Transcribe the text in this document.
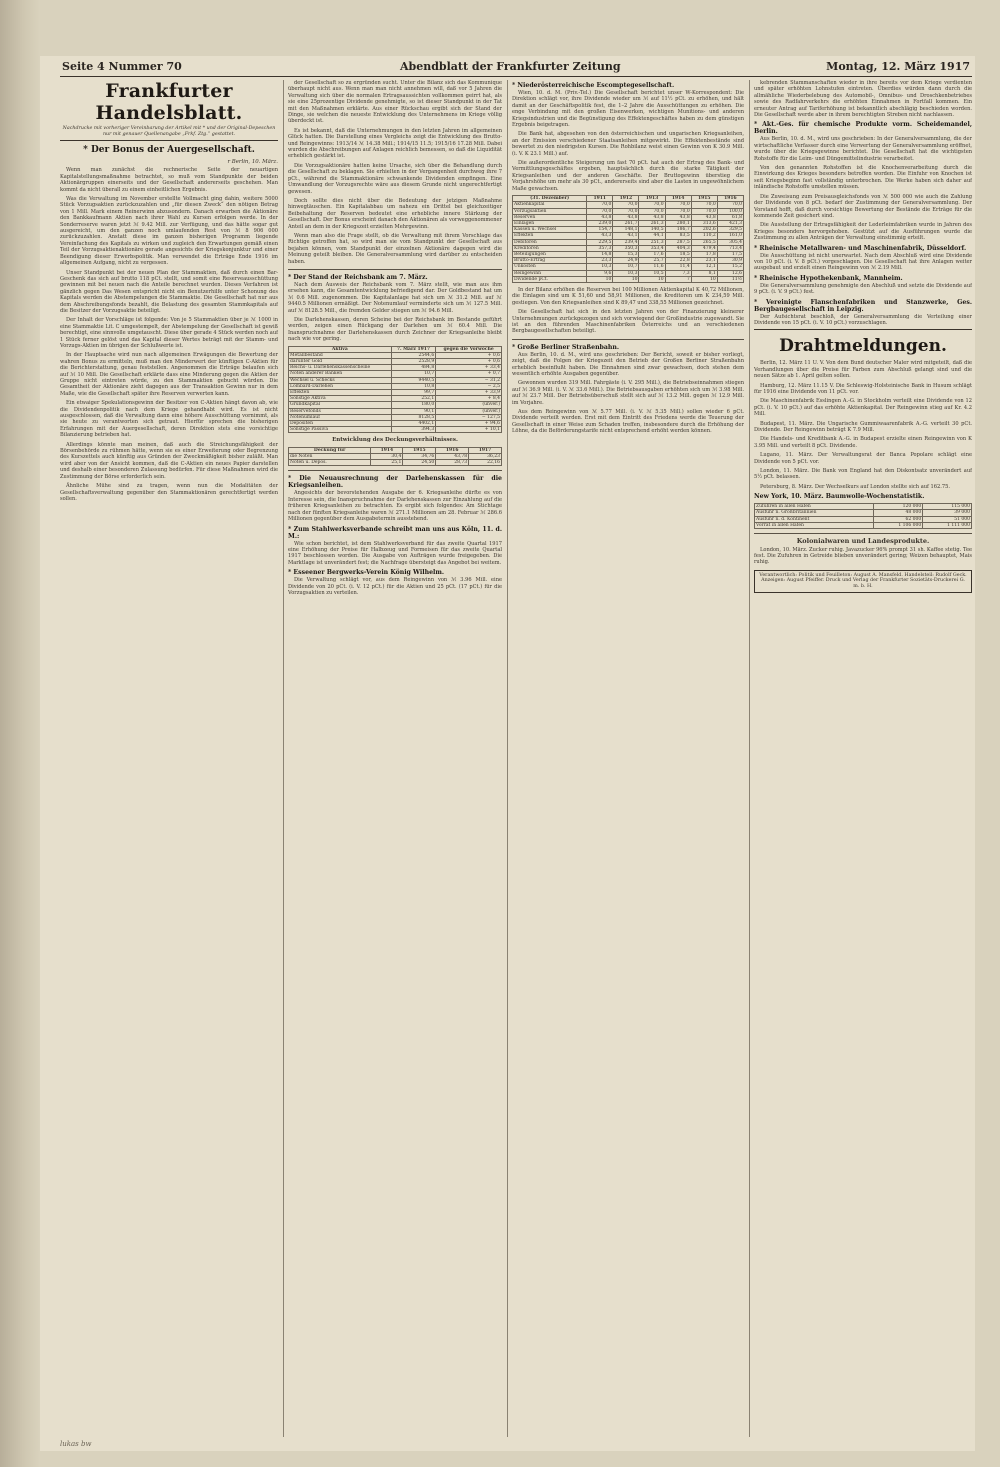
Seite 4 Nummer 70	Abendblatt der Frankfurter Zeitung	Montag, 12. März 1917
Frankfurter Handelsblatt.
Nachdrucke mit vorheriger Vereinbarung der Artikel mit * und der Original-Depeschen nur mit genauer Quellenangabe „Frkf. Ztg.“ gestattet.
* Der Bonus der Auergesellschaft.
r Berlin, 10. März.
Wenn man zunächst die rechnerische Seite der neuartigen Kapitalstellungsmaßnahme betrachtet, so muß vom Standpunkte der beiden Aktionärgruppen einerseits und der Gesellschaft andererseits geschehen. Man kommt da nicht überall zu einem einheitlichen Ergebnis.
Was die Verwaltung im November erstellte Vollmacht ging dahin, weitere 5000 Stück Vorzugsaktien zurückzuzahlen und „für diesen Zweck“ den nötigen Betrag von 1 Mill. Mark einem Reinerwinn abzusondern. Danach erwarben die Aktionäre den Bankkaufmann Aktien nach ihrer Wahl zu Kursen erfolgen werde. In der Sonderreserve waren jetzt ℳ 9.42 Mill. zur Verfügung, und das hätte sogar gut ausgereicht, um den ganzen noch umlaufenden Rest von ℳ 8 906 000 zurückzuzahlen. Anstatt diese im ganzen bisherigen Programm liegende Vereinfachung des Kapitals zu wirken und zugleich den Erwartungen gemäß einen Teil der Vorzugsaktienaktionäre gerade angesichts der Kriegskonjunktur und einer Beendigung dieser Erwerbspolitik. Man verwendet die Erträge Ende 1916 im allgemeinen Aufgang, nicht zu vergessen.
Unser Standpunkt bei der neuen Plan der Stammaktien, daß durch einen Bar-Geschenk das sich auf brutto 118 pCt. stellt, und somit eine Reserveausschüttung gewinnen mit bei neuen nach die Anteile berechnet wurden. Dieses Verfahren ist gänzlich gegen Das Wesen entspricht nicht ein Benutzerhilfe unter Schonung des Kapitals werden die Abstempelungen die Stammaktie. Die Gesellschaft hat nur aus dem Abschreibungsfonds bezahlt, die Belastung des gesamten Stammkapitals auf die Besitzer der Vorzugsaktie beteiligt.
Der Inhalt der Vorschläge ist folgende: Von je 5 Stammaktien über je ℳ 1000 in eine Stammaktie Lit. C umgestempelt, der Abstempelung der Gesellschaft ist gewiß berechtigt, eine sinnvolle umgetauscht. Diese über gerade 4 Stück werden noch auf 1 Stück ferner gelöst und das Kapital dieser Wertes beträgt mit der Stamm- und Vorzugs-Aktien im übrigen der Schlußwerte ist.
In der Hauptsache wird nun nach allgemeinen Erwägungen die Bewertung der wahren Bonus zu ermitteln, muß man den Minderwert der künftigen C-Aktien für die Berichterstattung, genau feststellen. Angenommen die Erträge belaufen sich auf ℳ 10 Mill. Die Gesellschaft erklärte dass eine Minderung gegen die Aktien der Gruppe nicht eintreten würde, zu den Stammaktien gebucht würden. Die Gesamtheit der Aktionäre zieht dagegen aus der Transaktion Gewinn nur in dem Maße, wie die Gesellschaft später ihre Reserven verwerten kann.
Ein etwaiger Spekulationsgewinn der Besitzer von C-Aktien hängt davon ab, wie die Dividendenpolitik nach dem Kriege gehandhabt wird. Es ist nicht ausgeschlossen, daß die Verwaltung dann eine höhere Ausschüttung vornimmt, als sie heute zu verantworten sich getraut. Hierfür sprechen die bisherigen Erfahrungen mit der Auergesellschaft, deren Direktion stets eine vorsichtige Bilanzierung betrieben hat.
Allerdings könnte man meinen, daß auch die Streichungsfähigkeit der Börsenbehörde zu rühmen hätte, wenn sie es einer Erweiterung oder Begrenzung des Kurszettels auch künftig aus Gründen der Zweckmäßigkeit bisher zuläßt. Man wird aber von der Ansicht kommen, daß die C-Aktien ein neues Papier darstellen und deshalb einer besonderen Zulassung bedürfen. Für diese Maßnahmen wird die Zustimmung der Börse erforderlich sein.
Ähnliche Mühe sind zu tragen, wenn nun die Modalitäten der Gesellschaftsverwaltung gegenüber den Stammaktionären gerechtfertigt werden sollen.
der Gesellschaft so zu ergründen sucht. Unter die Bilanz sich das Kommunique überhaupt nicht aus. Wenn man man nicht annehmen will, daß vor 5 Jahren die Verwaltung sich über die normalen Ertragsaussichten vollkommen geirrt hat, als sie eine 25prozentige Dividende genehmigte, so ist dieser Standpunkt in der Tat mit den Maßnahmen erklärte. Aus einer Rückschau ergibt sich der Stand der Dinge, sie welchen die neueste Entwicklung des Unternehmens im Kriege völlig überdeckt ist.
Es ist bekannt, daß die Unternehmungen in den letzten Jahren im allgemeinen Glück hatten. Die Darstellung eines Vergleichs zeigt die Entwicklung des Brutto- und Reingewinns: 1913/14 ℳ 14.38 Mill.; 1914/15 11.5; 1915/16 17.28 Mill. Dabei wurden die Abschreibungen auf Anlagen reichlich bemessen, so daß die Liquidität erheblich gestärkt ist.
Die Vorzugsaktionäre hatten keine Ursache, sich über die Behandlung durch die Gesellschaft zu beklagen. Sie erhielten in der Vergangenheit durchweg ihre 7 pCt., während die Stammaktionäre schwankende Dividenden empfingen. Eine Umwandlung der Vorzugsrechte wäre aus diesem Grunde nicht ungerechtfertigt gewesen.
Doch sollte dies nicht über die Bedeutung der jetzigen Maßnahme hinwegtäuschen. Ein Kapitalabbau um nahezu ein Drittel bei gleichzeitiger Beibehaltung der Reserven bedeutet eine erhebliche innere Stärkung der Gesellschaft. Der Bonus erscheint danach den Aktionären als vorweggenommener Anteil an dem in der Kriegszeit erzielten Mehrgewinn.
Wenn man also die Frage stellt, ob die Verwaltung mit ihrem Vorschlage das Richtige getroffen hat, so wird man sie vom Standpunkt der Gesellschaft aus bejahen können, vom Standpunkt der einzelnen Aktionäre dagegen wird die Meinung geteilt bleiben. Die Generalversammlung wird darüber zu entscheiden haben.
* Der Stand der Reichsbank am 7. März.
Nach dem Ausweis der Reichsbank vom 7. März stellt, wie man aus ihm ersehen kann, die Gesamtentwicklung befriedigend dar. Der Goldbestand hat um ℳ 0.6 Mill. zugenommen. Die Kapitalanlage hat sich um ℳ 31.2 Mill. auf ℳ 9440.5 Millionen ermäßigt. Der Notenumlauf verminderte sich um ℳ 127.5 Mill. auf ℳ 8128.5 Mill., die fremden Gelder stiegen um ℳ 94.6 Mill.
Die Darlehenskassen, deren Scheine bei der Reichsbank im Bestande geführt werden, zeigen einen Rückgang der Darlehen um ℳ 60.4 Mill. Die Inanspruchnahme der Darlehenskassen durch Zeichner der Kriegsanleihe bleibt nach wie vor gering.
Aktiva	7. März 1917	gegen die Vorwoche
Metallbestand	2544,6	+ 0,6
darunter Gold	2528,9	+ 0,6
Reichs- u. Darlehenskassenscheine	484,8	+ 33,4
Noten anderer Banken	10,7	+ 0,7
Wechsel u. Schecks	9440,5	− 31,2
Lombard-Darlehen	10,8	− 2,5
Effekten	99,7	+ 33,9
Sonstige Aktiva	252,1	+ 8,4
Grundkapital	180,0	(unver.)
Reservefonds	90,1	(unver.)
Notenumlauf	8128,5	− 127,5
Depositen	4402,1	+ 94,6
Sonstige Passiva	394,3	+ 10,1
Entwicklung des Deckungsverhältnisses.
Deckung für	1914	1915	1916	1917
die Noten	30,4	34,76	43,78	36,23
Noten u. Depos.	25,1	24,50	28,73	22,16
* Die Neuausrechnung der Darlehenskassen für die Kriegsanleihen.
Angesichts der bevorstehenden Ausgabe der 6. Kriegsanleihe dürfte es von Interesse sein, die Inanspruchnahme der Darlehenskassen zur Einzahlung auf die früheren Kriegsanleihen zu betrachten. Es ergibt sich folgendes: Am Stichtage nach der fünften Kriegsanleihe waren ℳ 271.1 Millionen am 28. Februar ℳ 286.6 Millionen gegenüber dem Ausgabetermin ausstehend.
* Zum Stahlwerksverbande schreibt man uns aus Köln, 11. d. M.:
Wie schon berichtet, ist dem Stahlwerksverband für das zweite Quartal 1917 eine Erhöhung der Preise für Halbzeug und Formeisen für das zweite Quartal 1917 beschlossen worden. Die Ausgabe von Aufträgen wurde freigegeben. Die Marktlage ist unverändert fest; die Nachfrage übersteigt das Angebot bei weitem.
* Esseener Bergwerks-Verein König Wilhelm.
Die Verwaltung schlägt vor, aus dem Reingewinn von ℳ 3.96 Mill. eine Dividende von 20 pCt. (i. V. 12 pCt.) für die Aktien und 25 pCt. (17 pCt.) für die Vorzugsaktien zu verteilen.
* Niederösterreichische Escomptegesellschaft.
Wien, 10. d. M. (Priv.-Tel.) Die Gesellschaft berichtet unser W-Korrespondent: Die Direktion schlägt vor, ihre Dividende wieder um ℳ auf 11½ pCt. zu erhöhen, und hält damit an der Geschäftspolitik fest, die 1–2 Jahre die Ausschüttungen zu erhöhen. Die enge Verbindung mit den großen Eisenwerken, wichtigen Munitions- und anderen Kriegsindustrien und die Begünstigung des Effektengeschäftes haben zu dem günstigen Ergebnis beigetragen.
Die Bank hat, abgesehen von den österreichischen und ungarischen Kriegsanleihen, an der Emission verschiedener Staatsanleihen mitgewirkt. Die Effektenbestände sind bewertet zu den niedrigsten Kursen. Die Rohbilanz weist einen Gewinn von K 30.9 Mill. (i. V. K 23.1 Mill.) auf.
Die außerordentliche Steigerung um fast 70 pCt. hat auch der Ertrag des Bank- und Vermittlungsgeschäftes ergeben, hauptsächlich durch die starke Tätigkeit der Kriegsanleihen und der anderen Geschäfte. Der Bruttogewinn überstieg die Vorjahrshöhe um mehr als 30 pCt., andererseits sind aber die Lasten in ungewöhnlichem Maße gewachsen.
(31. Dezember)	1911	1912	1913	1914	1915	1916
Aktienkapital	70,0	70,0	70,0	70,0	70,0	70,0
Vorzugsaktien	70,0	70,0	70,0	70,0	70,0	100,0
Reserven	43,8	43,8	43,8	43,8	43,8	61,8
Einlagen	239,0	261,7	261,3	280,1	313,6	421,3
Kassen u. Wechsel	154,7	148,1	140,5	186,7	202,6	329,5
Effekten	43,3	43,1	44,1	83,5	110,2	161,0
Debitoren	229,5	239,4	251,3	287,5	265,5	305,4
Kreditoren	357,3	350,3	353,4	404,3	479,4	713,4
Beteiligungen	14,8	15,3	17,6	18,5	17,8	17,5
Brutto-Ertrag	23,3	24,9	25,7	22,8	23,1	30,9
Unkosten	10,3	10,7	11,6	11,4	12,1	15,2
Reingewinn	9,6	10,3	10,5	7,3	8,1	12,6
Dividende pCt.	10	10	10	7	10	11½
In der Bilanz erhöhen die Reserven bei 100 Millionen Aktienkapital K 40,72 Millionen, die Einlagen sind um K 51,60 und 58,91 Millionen, die Kreditoren um K 234,59 Mill. gestiegen. Von den Kriegsanleihen sind K 89,47 und 338,55 Millionen gezeichnet.
Die Gesellschaft hat sich in den letzten Jahren von der Finanzierung kleinerer Unternehmungen zurückgezogen und sich vorwiegend der Großindustrie zugewandt. Sie ist an den führenden Maschinenfabriken Österreichs und an verschiedenen Bergbaugesellschaften beteiligt.
* Große Berliner Straßenbahn.
Aus Berlin, 10. d. M., wird uns geschrieben: Der Bericht, soweit er bisher vorliegt, zeigt, daß die Folgen der Kriegszeit den Betrieb der Großen Berliner Straßenbahn erheblich beeinflußt haben. Die Einnahmen sind zwar gewachsen, doch stehen dem wesentlich erhöhte Ausgaben gegenüber.
Gewonnen wurden 319 Mill. Fahrgäste (i. V. 295 Mill.), die Betriebseinnahmen stiegen auf ℳ 36.9 Mill. (i. V. ℳ 33.6 Mill.). Die Betriebsausgaben erhöhten sich um ℳ 3.98 Mill. auf ℳ 23.7 Mill. Der Betriebsüberschuß stellt sich auf ℳ 13.2 Mill. gegen ℳ 12.9 Mill. im Vorjahre.
Aus dem Reingewinn von ℳ 5.77 Mill. (i. V. ℳ 5.35 Mill.) sollen wieder 6 pCt. Dividende verteilt werden. Erst mit dem Eintritt des Friedens werde die Teuerung der Gesellschaft in einer Weise zum Schaden treffen, insbesondere durch die Erhöhung der Löhne, da die Beförderungstarife nicht entsprechend erhöht werden können.
kebrenden Stammanschaften wieder in ihre bereits vor dem Kriege verdienten und später erhöhten Lohnstufen eintreten. Überdies würden dann durch die allmähliche Wiederbelebung des Automobil-, Omnibus- und Droschkenbetriebes sowie des Radfahrverkehrs die erhöhten Einnahmen in Fortfall kommen. Ein erneuter Antrag auf Tariferhöhung ist bekanntlich abschlägig beschieden worden. Die Gesellschaft werde aber in ihrem berechtigten Streben nicht nachlassen.
* Akt.-Ges. für chemische Produkte vorm. Scheidemandel, Berlin.
Aus Berlin, 10. d. M., wird uns geschrieben: In der Generalversammlung, die der wirtschaftliche Verfasser durch eine Verwertung der Generalversammlung eröffnet, wurde über die Kriegsgewinne berichtet. Die Gesellschaft hat die wichtigsten Rohstoffe für die Leim- und Düngemittelindustrie verarbeitet.
Von den genannten Rohstoffen ist die Knochenverarbeitung durch die Einwirkung des Krieges besonders betroffen worden. Die Einfuhr von Knochen ist seit Kriegsbeginn fast vollständig unterbrochen. Die Werke haben sich daher auf inländische Rohstoffe umstellen müssen.
Die Zuweisung zum Preisausgleichsfonds von ℳ 500 000 wie auch die Zahlung der Dividende von 8 pCt. bedarf der Zustimmung der Generalversammlung. Der Vorstand hofft, daß durch vorsichtige Bewertung der Bestände die Erträge für die kommende Zeit gesichert sind.
Die Ausstellung der Ertragsfähigkeit der Lederleimfabriken wurde in Jahren des Krieges besonders hervorgehoben. Gestützt auf die Ausführungen wurde die Zustimmung zu allen Anträgen der Verwaltung einstimmig erteilt.
* Rheinische Metallwaren- und Maschinenfabrik, Düsseldorf.
Die Ausschüttung ist nicht unerwartet. Nach dem Abschluß wird eine Dividende von 10 pCt. (i. V. 8 pCt.) vorgeschlagen. Die Gesellschaft hat ihre Anlagen weiter ausgebaut und erzielt einen Reingewinn von ℳ 2.19 Mill.
* Rheinische Hypothekenbank, Mannheim.
Die Generalversammlung genehmigte den Abschluß und setzte die Dividende auf 9 pCt. (i. V. 9 pCt.) fest.
* Vereinigte Flanschenfabriken und Stanzwerke, Ges. Bergbaugesellschaft in Leipzig.
Der Aufsichtsrat beschloß, der Generalversammlung die Verteilung einer Dividende von 15 pCt. (i. V. 10 pCt.) vorzuschlagen.
Drahtmeldungen.
Berlin, 12. März 11 U. V. Von dem Bund deutscher Maler wird mitgeteilt, daß die Verhandlungen über die Preise für Farben zum Abschluß gelangt sind und die neuen Sätze ab 1. April gelten sollen.
Hamburg, 12. März 11.15 V. Die Schleswig-Holsteinische Bank in Husum schlägt für 1916 eine Dividende von 11 pCt. vor.
Die Maschinenfabrik Esslingen A.-G. in Stockholm verteilt eine Dividende von 12 pCt. (i. V. 10 pCt.) auf das erhöhte Aktienkapital. Der Reingewinn stieg auf Kr. 4.2 Mill.
Budapest, 11. März. Die Ungarische Gummiwaarenfabrik A.-G. verteilt 30 pCt. Dividende. Der Reingewinn beträgt K 7.9 Mill.
Die Handels- und Kreditbank A.-G. in Budapest erzielte einen Reingewinn von K 3.95 Mill. und verteilt 8 pCt. Dividende.
Lugano, 11. März. Der Verwaltungsrat der Banca Popolare schlägt eine Dividende von 5 pCt. vor.
London, 11. März. Die Bank von England hat den Diskontsatz unverändert auf 5½ pCt. belassen.
Petersburg, 8. März. Der Wechselkurs auf London stellte sich auf 162.75.
New York, 10. März. Baumwolle-Wochenstatistik.
Zufuhren in allen Häfen	120 000	115 000
Ausfuhr n. Großbritannien	48 000	39 000
Ausfuhr n. d. Kontinent	62 000	51 000
Vorrat in allen Häfen	1 106 000	1 111 000
Kolonialwaren und Landesprodukte.
London, 10. März. Zucker ruhig. Javazucker 96% prompt 31 sh. Kaffee stetig. Tee fest. Die Zufuhren in Getreide blieben unverändert gering; Weizen behauptet, Mais ruhig.
Verantwortlich: Politik und Feuilleton: August A. Mansfeld. Handelsteil: Rudolf Geck. Anzeigen: August Pfeiffer. Druck und Verlag der Frankfurter Sozietäts-Druckerei G. m. b. H.
lukas bw
